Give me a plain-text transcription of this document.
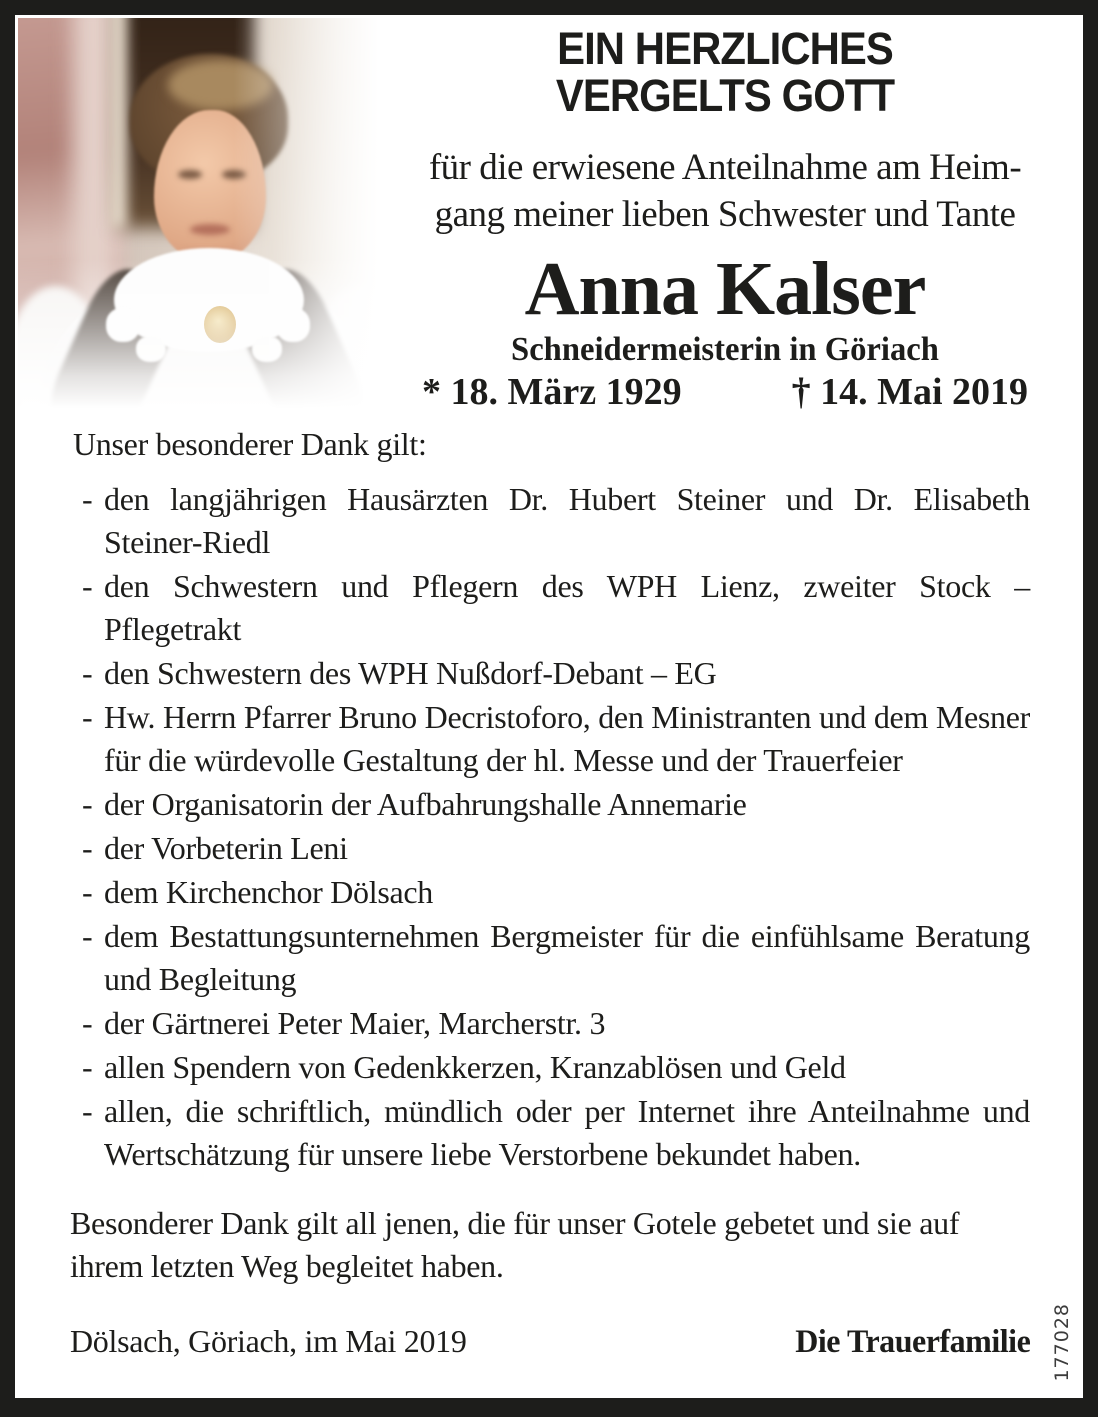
EIN HERZLICHES
VERGELTS GOTT
für die erwiesene Anteilnahme am Heim-
gang meiner lieben Schwester und Tante
Anna Kalser
Schneidermeisterin in Göriach
* 18. März 1929	† 14. Mai 2019

Unser besonderer Dank gilt:

- den langjährigen Hausärzten Dr. Hubert Steiner und Dr. Elisabeth Steiner-Riedl
- den Schwestern und Pflegern des WPH Lienz, zweiter Stock – Pflegetrakt
- den Schwestern des WPH Nußdorf-Debant – EG
- Hw. Herrn Pfarrer Bruno Decristoforo, den Ministranten und dem Mesner für die würdevolle Gestaltung der hl. Messe und der Trauerfeier
- der Organisatorin der Aufbahrungshalle Annemarie
- der Vorbeterin Leni
- dem Kirchenchor Dölsach
- dem Bestattungsunternehmen Bergmeister für die einfühlsame Beratung und Begleitung
- der Gärtnerei Peter Maier, Marcherstr. 3
- allen Spendern von Gedenkkerzen, Kranzablösen und Geld
- allen, die schriftlich, mündlich oder per Internet ihre Anteilnahme und Wertschätzung für unsere liebe Verstorbene bekundet haben.

Besonderer Dank gilt all jenen, die für unser Gotele gebetet und sie auf ihrem letzten Weg begleitet haben.

Dölsach, Göriach, im Mai 2019	Die Trauerfamilie 177028
